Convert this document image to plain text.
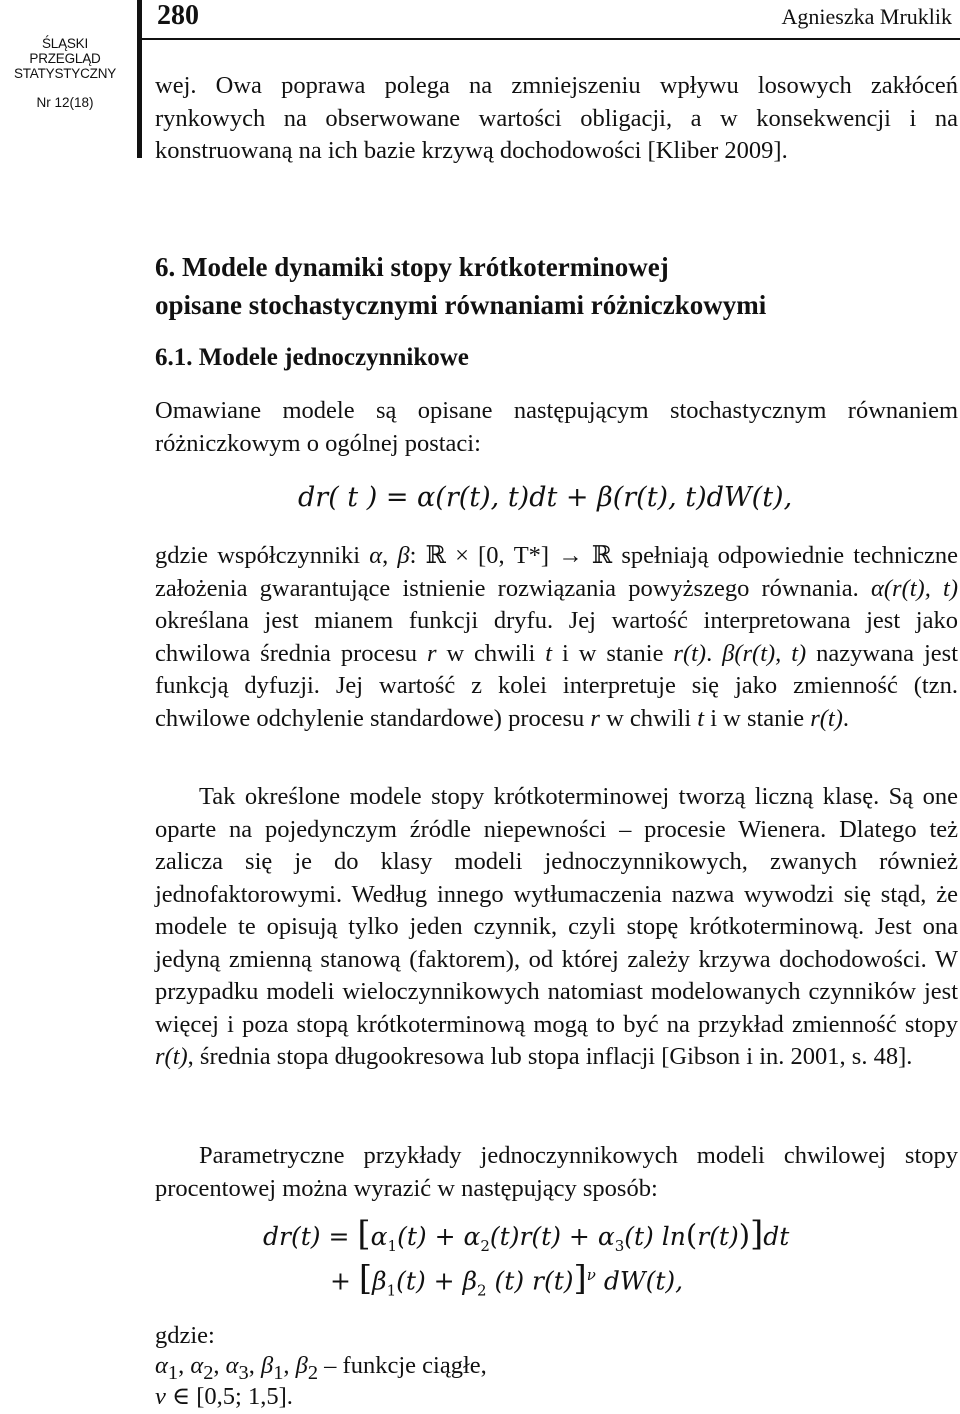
ŚLĄSKI
PRZEGLĄD
STATYSTYCZNY
Nr 12(18)
280	Agnieszka Mruklik
wej. Owa poprawa polega na zmniejszeniu wpływu losowych zakłóceń rynkowych na obserwowane wartości obligacji, a w konsekwencji i na konstruowaną na ich bazie krzywą dochodowości [Kliber 2009].
6. Modele dynamiki stopy krótkoterminowej
opisane stochastycznymi równaniami różniczkowymi
6.1. Modele jednoczynnikowe
Omawiane modele są opisane następującym stochastycznym równaniem różniczkowym o ogólnej postaci:
dr( t ) = α(r(t), t)dt + β(r(t), t)dW(t),
gdzie współczynniki α, β: ℝ × [0, T*] → ℝ spełniają odpowiednie techniczne założenia gwarantujące istnienie rozwiązania powyższego równania. α(r(t), t) określana jest mianem funkcji dryfu. Jej wartość interpretowana jest jako chwilowa średnia procesu r w chwili t i w stanie r(t). β(r(t), t) nazywana jest funkcją dyfuzji. Jej wartość z kolei interpretuje się jako zmienność (tzn. chwilowe odchylenie standardowe) procesu r w chwili t i w stanie r(t).
Tak określone modele stopy krótkoterminowej tworzą liczną klasę. Są one oparte na pojedynczym źródle niepewności – procesie Wienera. Dlatego też zalicza się je do klasy modeli jednoczynnikowych, zwanych również jednofaktorowymi. Według innego wytłumaczenia nazwa wywodzi się stąd, że modele te opisują tylko jeden czynnik, czyli stopę krótkoterminową. Jest ona jedyną zmienną stanową (faktorem), od której zależy krzywa dochodowości. W przypadku modeli wieloczynnikowych natomiast modelowanych czynników jest więcej i poza stopą krótkoterminową mogą to być na przykład zmienność stopy r(t), średnia stopa długookresowa lub stopa inflacji [Gibson i in. 2001, s. 48].
Parametryczne przykłady jednoczynnikowych modeli chwilowej stopy procentowej można wyrazić w następujący sposób:
$dr(t) = [\alpha_1(t) + \alpha_2(t)r(t) + \alpha_3(t)$ ln(r(t))]dt
+ [$\beta_1(t) + \beta_2$ (t) r(t)]$^\nu$ dW(t),
gdzie:
$\alpha_1$, $\alpha_2$, $\alpha_3$, $\beta_1$, $\beta_2$ – funkcje ciągłe,
ν ∈ [0,5; 1,5].
